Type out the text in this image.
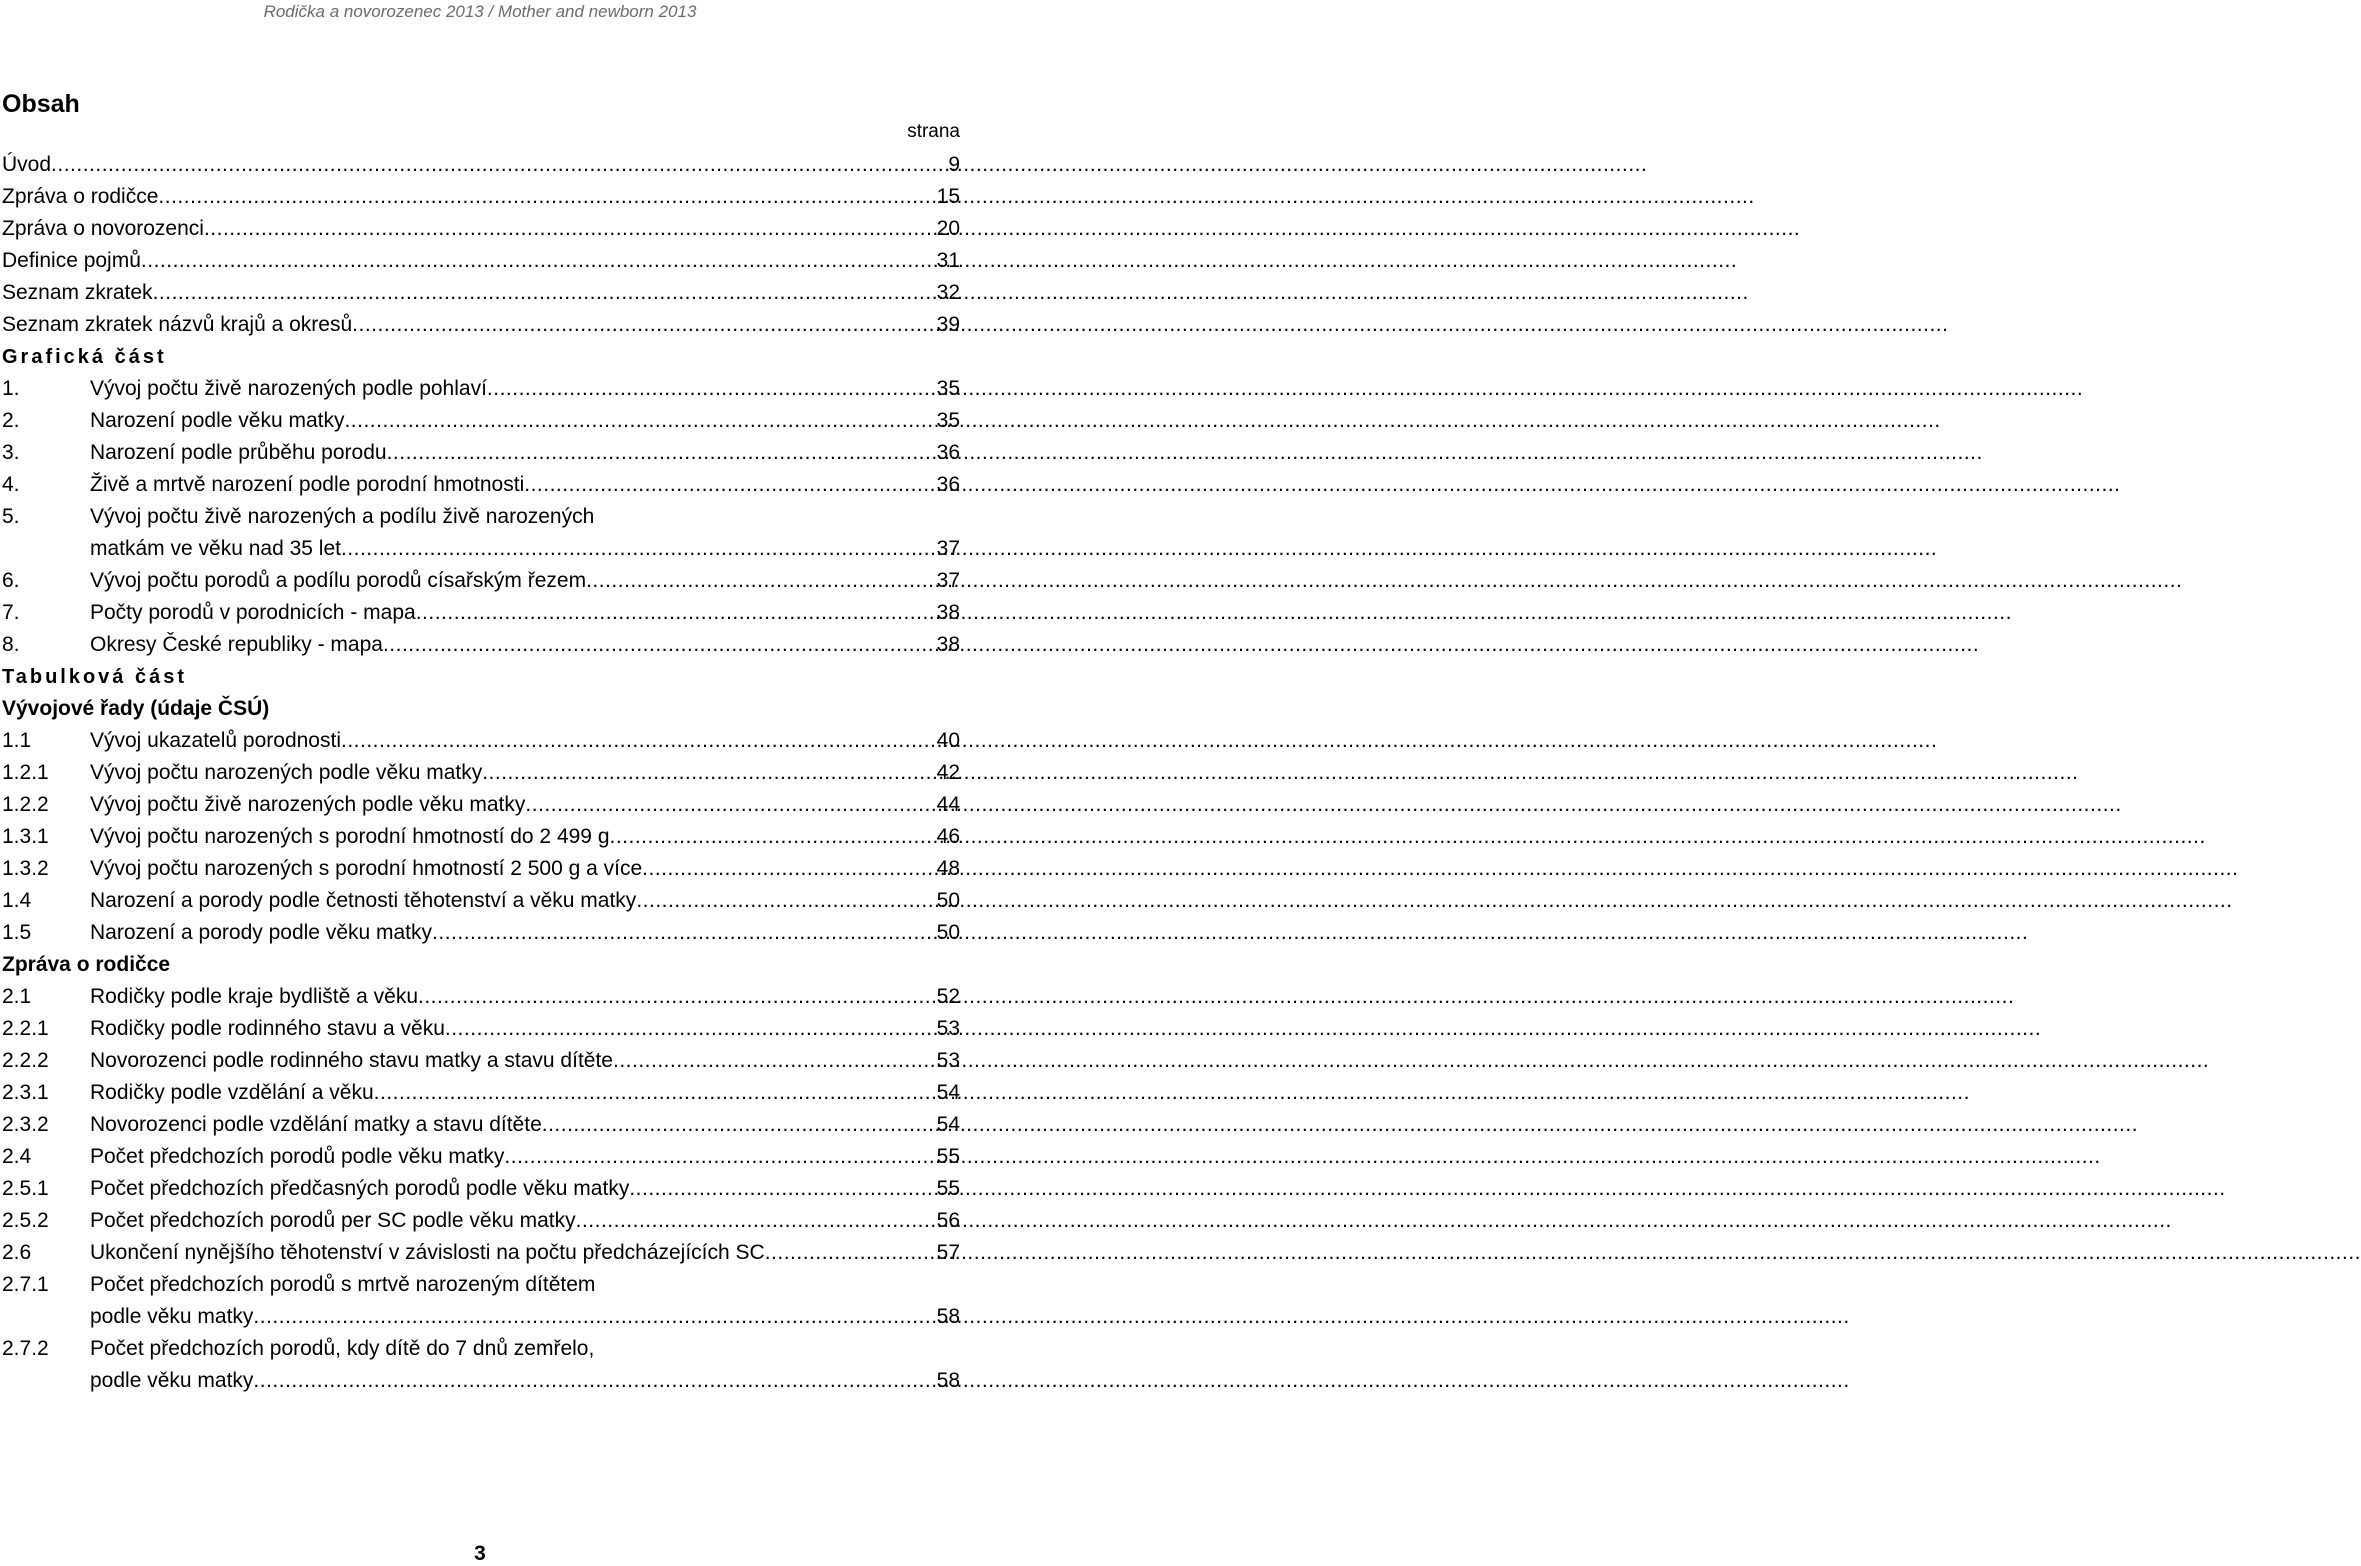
Rodička a novorozenec 2013 / Mother and newborn 2013
Obsah
strana
Úvod .....	9
Zpráva o rodičce .....	15
Zpráva o novorozenci .....	20
Definice pojmů .....	31
Seznam zkratek .....	32
Seznam zkratek názvů krajů a okresů .....	39
Grafická část
1.	Vývoj počtu živě narozených podle pohlaví .....	35
2.	Narození podle věku matky .....	35
3.	Narození podle průběhu porodu .....	36
4.	Živě a mrtvě narození podle porodní hmotnosti .....	36
5.	Vývoj počtu živě narozených a podílu živě narozených
matkám ve věku nad 35 let .....	37
6.	Vývoj počtu porodů a podílu porodů císařským řezem .....	37
7.	Počty porodů v porodnicích - mapa .....	38
8.	Okresy České republiky - mapa .....	38
Tabulková část
Vývojové řady (údaje ČSÚ)
1.1	Vývoj ukazatelů porodnosti .....	40
1.2.1	Vývoj počtu narozených podle věku matky .....	42
1.2.2	Vývoj počtu živě narozených podle věku matky .....	44
1.3.1	Vývoj počtu narozených s porodní hmotností do 2 499 g .....	46
1.3.2	Vývoj počtu narozených s porodní hmotností 2 500 g a více .....	48
1.4	Narození a porody podle četnosti těhotenství a věku matky .....	50
1.5	Narození a porody podle věku matky .....	50
Zpráva o rodičce
2.1	Rodičky podle kraje bydliště a věku .....	52
2.2.1	Rodičky podle rodinného stavu a věku .....	53
2.2.2	Novorozenci podle rodinného stavu matky a stavu dítěte .....	53
2.3.1	Rodičky podle vzdělání a věku .....	54
2.3.2	Novorozenci podle vzdělání matky a stavu dítěte .....	54
2.4	Počet předchozích porodů podle věku matky .....	55
2.5.1	Počet předchozích předčasných porodů podle věku matky .....	55
2.5.2	Počet předchozích porodů per SC podle věku matky .....	56
2.6	Ukončení nynějšího těhotenství v závislosti na počtu předcházejících SC .....	57
2.7.1	Počet předchozích porodů s mrtvě narozeným dítětem
podle věku matky .....	58
2.7.2	Počet předchozích porodů, kdy dítě do 7 dnů zemřelo,
podle věku matky .....	58
3
